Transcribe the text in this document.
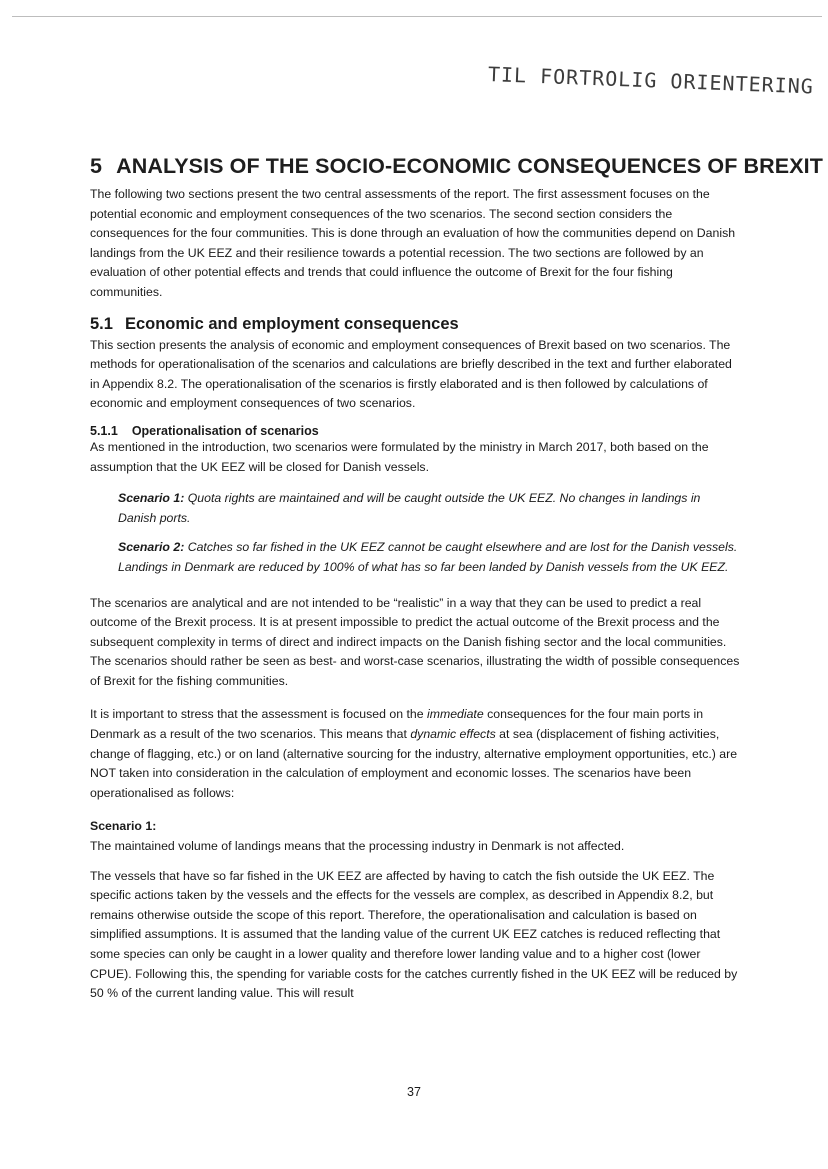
TIL FORTROLIG ORIENTERING
5 ANALYSIS OF THE SOCIO-ECONOMIC CONSEQUENCES OF BREXIT

The following two sections present the two central assessments of the report. The first assessment focuses on the potential economic and employment consequences of the two scenarios. The second section considers the consequences for the four communities. This is done through an evaluation of how the communities depend on Danish landings from the UK EEZ and their resilience towards a potential recession. The two sections are followed by an evaluation of other potential effects and trends that could influence the outcome of Brexit for the four fishing communities.

5.1 Economic and employment consequences

This section presents the analysis of economic and employment consequences of Brexit based on two scenarios. The methods for operationalisation of the scenarios and calculations are briefly described in the text and further elaborated in Appendix 8.2. The operationalisation of the scenarios is firstly elaborated and is then followed by calculations of economic and employment consequences of two scenarios.

5.1.1 Operationalisation of scenarios

As mentioned in the introduction, two scenarios were formulated by the ministry in March 2017, both based on the assumption that the UK EEZ will be closed for Danish vessels.

Scenario 1: Quota rights are maintained and will be caught outside the UK EEZ. No changes in landings in Danish ports.
Scenario 2: Catches so far fished in the UK EEZ cannot be caught elsewhere and are lost for the Danish vessels. Landings in Denmark are reduced by 100% of what has so far been landed by Danish vessels from the UK EEZ.

The scenarios are analytical and are not intended to be “realistic” in a way that they can be used to predict a real outcome of the Brexit process. It is at present impossible to predict the actual outcome of the Brexit process and the subsequent complexity in terms of direct and indirect impacts on the Danish fishing sector and the local communities. The scenarios should rather be seen as best- and worst-case scenarios, illustrating the width of possible consequences of Brexit for the fishing communities.

It is important to stress that the assessment is focused on the immediate consequences for the four main ports in Denmark as a result of the two scenarios. This means that dynamic effects at sea (displacement of fishing activities, change of flagging, etc.) or on land (alternative sourcing for the industry, alternative employment opportunities, etc.) are NOT taken into consideration in the calculation of employment and economic losses. The scenarios have been operationalised as follows:

Scenario 1:

The maintained volume of landings means that the processing industry in Denmark is not affected.

The vessels that have so far fished in the UK EEZ are affected by having to catch the fish outside the UK EEZ. The specific actions taken by the vessels and the effects for the vessels are complex, as described in Appendix 8.2, but remains otherwise outside the scope of this report. Therefore, the operationalisation and calculation is based on simplified assumptions. It is assumed that the landing value of the current UK EEZ catches is reduced reflecting that some species can only be caught in a lower quality and therefore lower landing value and to a higher cost (lower CPUE). Following this, the spending for variable costs for the catches currently fished in the UK EEZ will be reduced by 50 % of the current landing value. This will result

37
